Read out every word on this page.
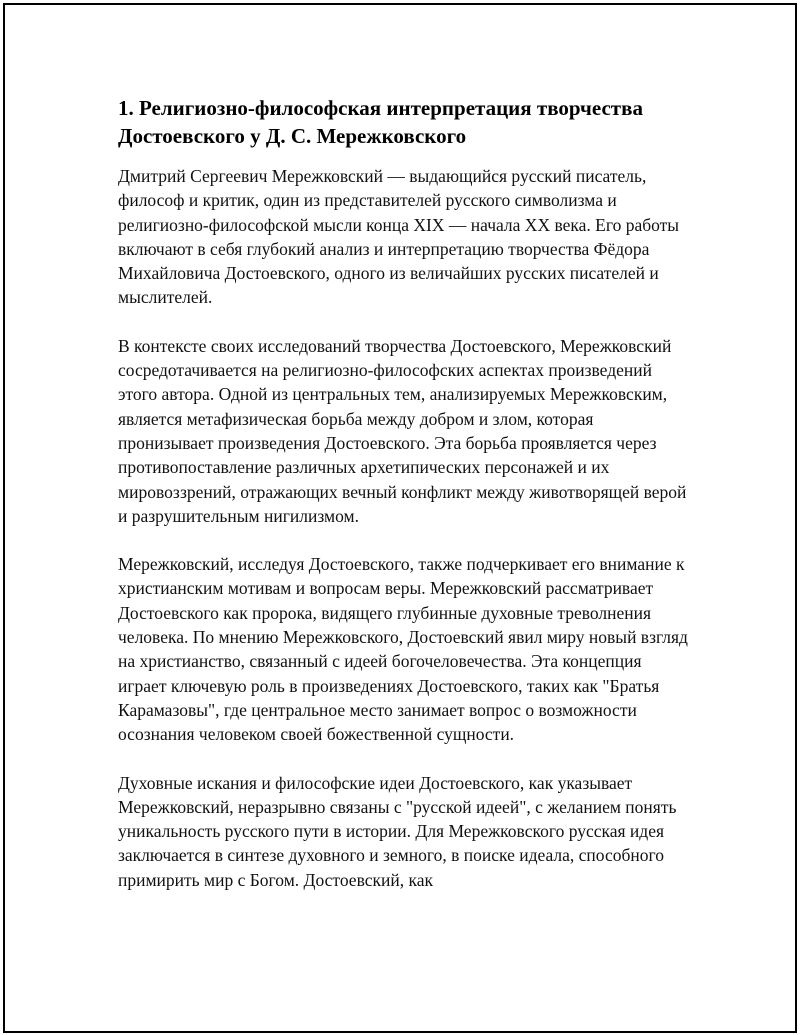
1. Религиозно-философская интерпретация творчества Достоевского у Д. С. Мережковского

Дмитрий Сергеевич Мережковский — выдающийся русский писатель, философ и критик, один из представителей русского символизма и религиозно-философской мысли конца XIX — начала XX века. Его работы включают в себя глубокий анализ и интерпретацию творчества Фёдора Михайловича Достоевского, одного из величайших русских писателей и мыслителей.

В контексте своих исследований творчества Достоевского, Мережковский сосредотачивается на религиозно-философских аспектах произведений этого автора. Одной из центральных тем, анализируемых Мережковским, является метафизическая борьба между добром и злом, которая пронизывает произведения Достоевского. Эта борьба проявляется через противопоставление различных архетипических персонажей и их мировоззрений, отражающих вечный конфликт между животворящей верой и разрушительным нигилизмом.

Мережковский, исследуя Достоевского, также подчеркивает его внимание к христианским мотивам и вопросам веры. Мережковский рассматривает Достоевского как пророка, видящего глубинные духовные треволнения человека. По мнению Мережковского, Достоевский явил миру новый взгляд на христианство, связанный с идеей богочеловечества. Эта концепция играет ключевую роль в произведениях Достоевского, таких как "Братья Карамазовы", где центральное место занимает вопрос о возможности осознания человеком своей божественной сущности.

Духовные искания и философские идеи Достоевского, как указывает Мережковский, неразрывно связаны с "русской идеей", с желанием понять уникальность русского пути в истории. Для Мережковского русская идея заключается в синтезе духовного и земного, в поиске идеала, способного примирить мир с Богом. Достоевский, как
